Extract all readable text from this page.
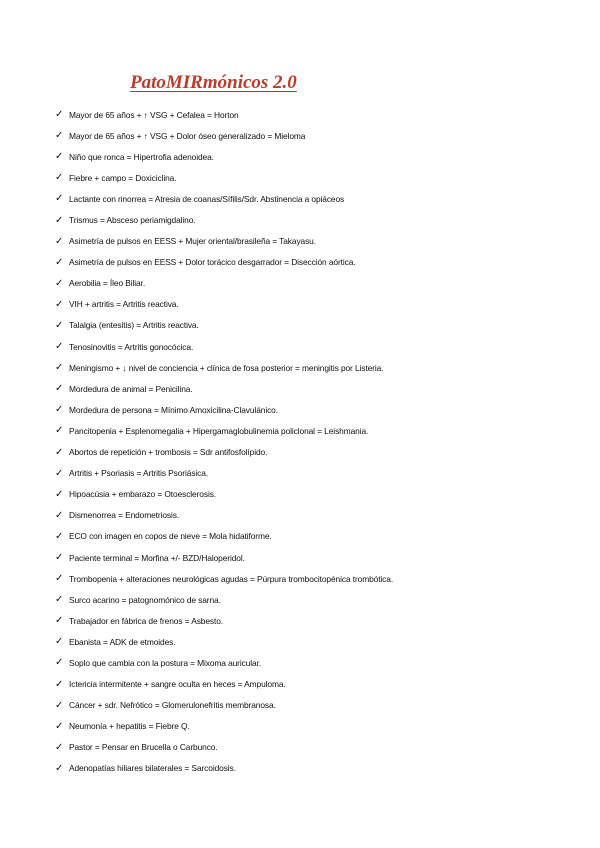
PatoMIRmónicos 2.0
✓ Mayor de 65 años + ↑ VSG + Cefalea = Horton
✓ Mayor de 65 años + ↑ VSG + Dolor óseo generalizado = Mieloma
✓ Niño que ronca = Hipertrofia adenoidea.
✓ Fiebre + campo = Doxiciclina.
✓ Lactante con rinorrea = Atresia de coanas/Sífilis/Sdr. Abstinencia a opiáceos
✓ Trismus = Absceso periamigdalino.
✓ Asimetría de pulsos en EESS + Mujer oriental/brasileña = Takayasu.
✓ Asimetría de pulsos en EESS + Dolor torácico desgarrador = Disección aórtica.
✓ Aerobilia = Íleo Biliar.
✓ VIH + artritis = Artritis reactiva.
✓ Talalgia (entesitis) = Artritis reactiva.
✓ Tenosinovitis = Artritis gonocócica.
✓ Meningismo + ↓ nivel de conciencia + clínica de fosa posterior = meningitis por Listeria.
✓ Mordedura de animal = Penicilina.
✓ Mordedura de persona = Mínimo Amoxicilina-Clavulánico.
✓ Pancitopenia + Esplenomegalia + Hipergamaglobulinemia policlonal = Leishmania.
✓ Abortos de repetición + trombosis = Sdr antifosfolípido.
✓ Artritis + Psoriasis = Artritis Psoriásica.
✓ Hipoacúsia + embarazo = Otoesclerosis.
✓ Dismenorrea = Endometriosis.
✓ ECO con imagen en copos de nieve = Mola hidatiforme.
✓ Paciente terminal = Morfina +/- BZD/Haloperidol.
✓ Trombopenia + alteraciones neurológicas agudas = Púrpura trombocitopénica trombótica.
✓ Surco acarino = patognomónico de sarna.
✓ Trabajador en fábrica de frenos = Asbesto.
✓ Ebanista = ADK de etmoides.
✓ Soplo que cambia con la postura = Mixoma auricular.
✓ Ictericia intermitente + sangre oculta en heces = Ampuloma.
✓ Cáncer + sdr. Nefrótico = Glomerulonefritis membranosa.
✓ Neumonía + hepatitis = Fiebre Q.
✓ Pastor = Pensar en Brucella o Carbunco.
✓ Adenopatías hiliares bilaterales = Sarcoidosis.
